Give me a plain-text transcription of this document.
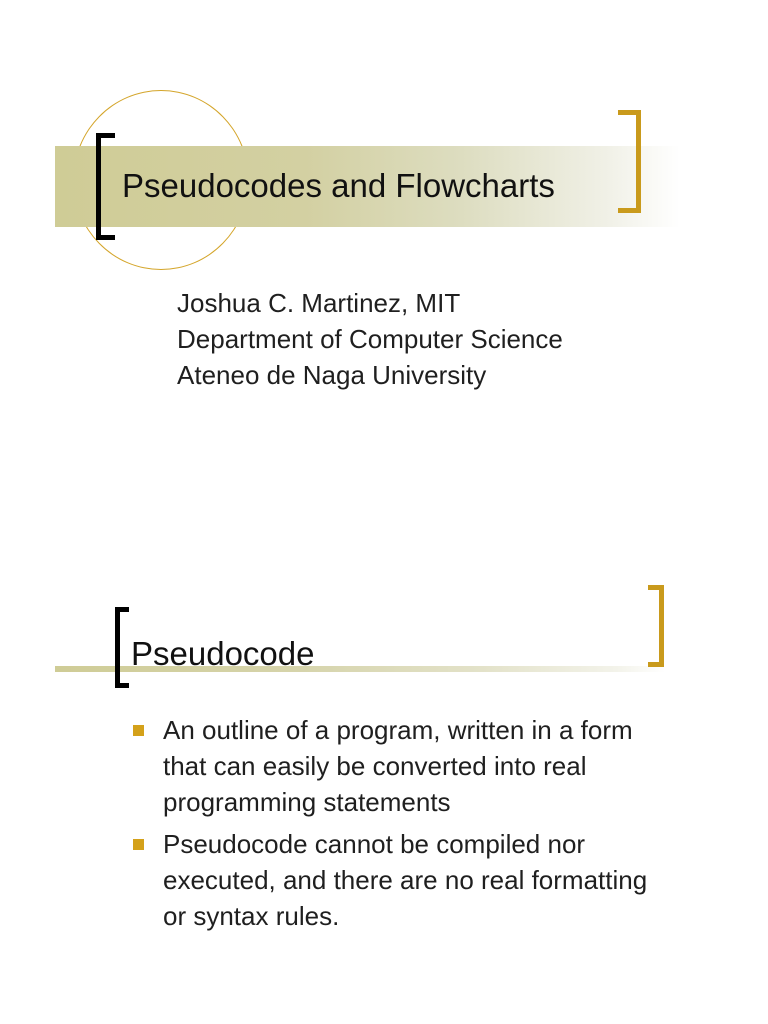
Pseudocodes and Flowcharts
Joshua C. Martinez, MIT
Department of Computer Science
Ateneo de Naga University
Pseudocode
An outline of a program, written in a form that can easily be converted into real programming statements
Pseudocode cannot be compiled nor executed, and there are no real formatting or syntax rules.
